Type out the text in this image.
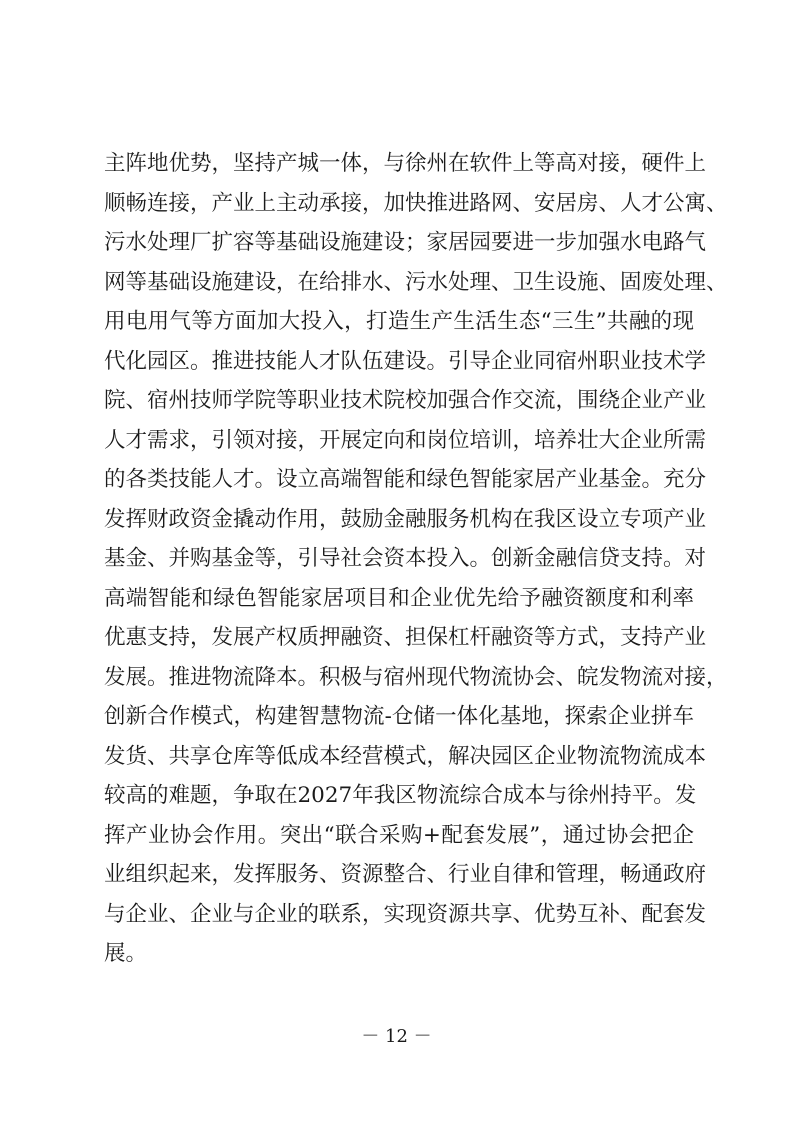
主阵地优势，坚持产城一体，与徐州在软件上等高对接，硬件上
顺畅连接，产业上主动承接，加快推进路网、安居房、人才公寓、
污水处理厂扩容等基础设施建设；家居园要进一步加强水电路气
网等基础设施建设，在给排水、污水处理、卫生设施、固废处理、
用电用气等方面加大投入，打造生产生活生态“三生”共融的现
代化园区。推进技能人才队伍建设。引导企业同宿州职业技术学
院、宿州技师学院等职业技术院校加强合作交流，围绕企业产业
人才需求，引领对接，开展定向和岗位培训，培养壮大企业所需
的各类技能人才。设立高端智能和绿色智能家居产业基金。充分
发挥财政资金撬动作用，鼓励金融服务机构在我区设立专项产业
基金、并购基金等，引导社会资本投入。创新金融信贷支持。对
高端智能和绿色智能家居项目和企业优先给予融资额度和利率
优惠支持，发展产权质押融资、担保杠杆融资等方式，支持产业
发展。推进物流降本。积极与宿州现代物流协会、皖发物流对接，
创新合作模式，构建智慧物流-仓储一体化基地，探索企业拼车
发货、共享仓库等低成本经营模式，解决园区企业物流物流成本
较高的难题，争取在2027年我区物流综合成本与徐州持平。发
挥产业协会作用。突出“联合采购+配套发展”，通过协会把企
业组织起来，发挥服务、资源整合、行业自律和管理，畅通政府
与企业、企业与企业的联系，实现资源共享、优势互补、配套发
展。
－ 12 －
